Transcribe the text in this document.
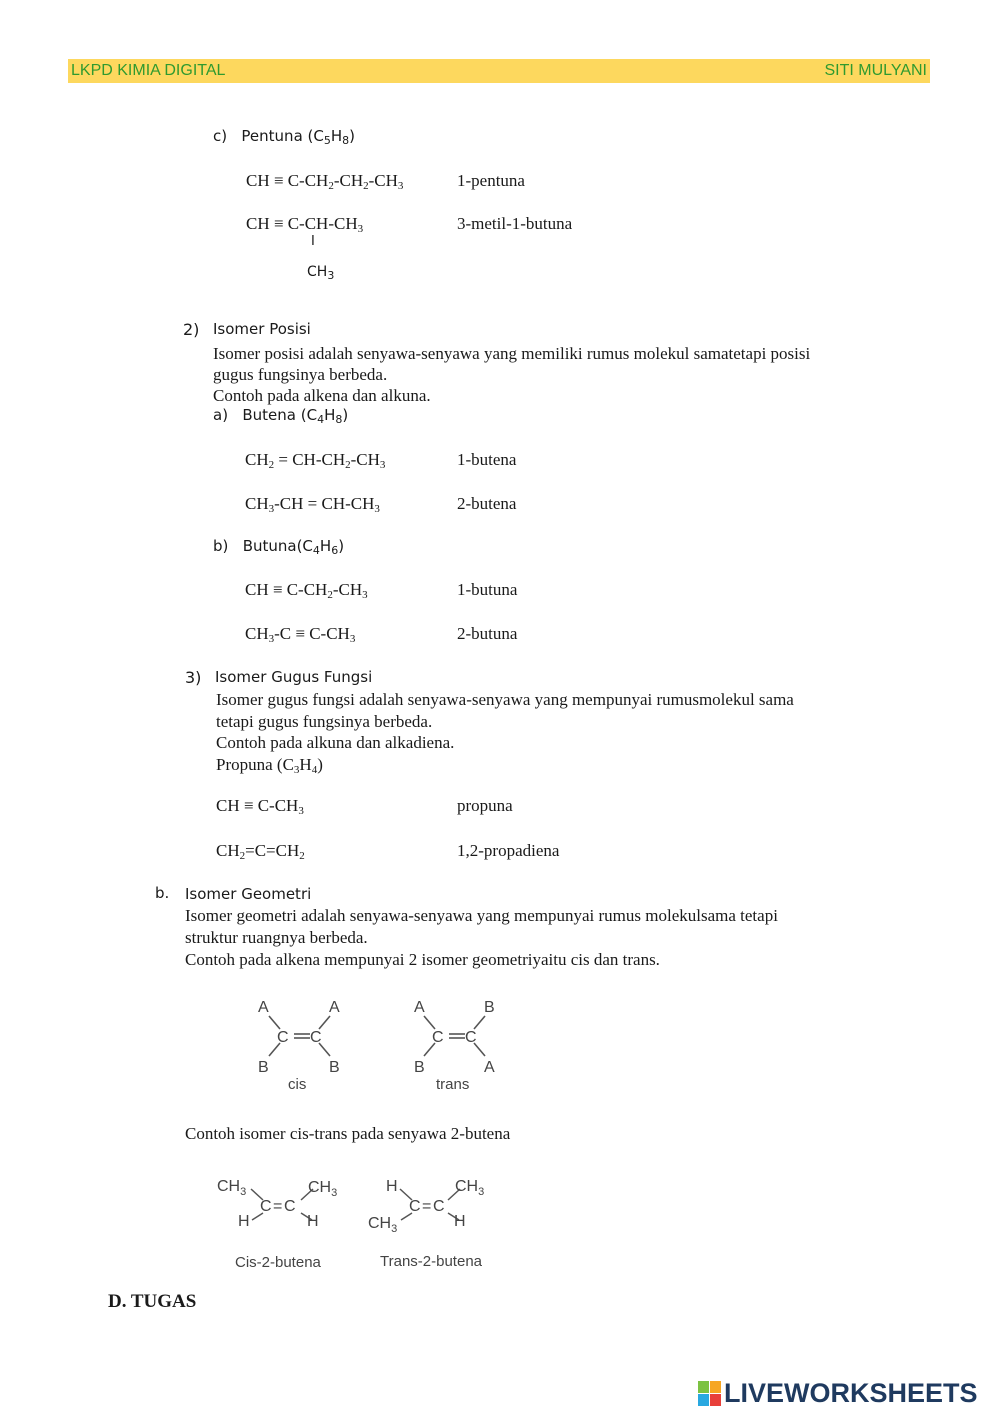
LKPD KIMIA DIGITAL	SITI MULYANI
c) Pentuna $(C_5H_8)$
CH ≡ $C-CH_2-CH_2-CH_3$	1-pentuna
CH ≡ $C-CH-CH_3$	3-metil-1-butuna
I
$CH_3$
2) Isomer Posisi
Isomer posisi adalah senyawa-senyawa yang memiliki rumus molekul samatetapi posisi
gugus fungsinya berbeda.
Contoh pada alkena dan alkuna.
a) Butena $(C_4H_8)$
$CH_2 = CH-CH_2-CH_3$	1-butena
$CH_3-CH = CH-CH_3$	2-butena
b) $Butuna(C_4H_6)$
CH ≡ $C-CH_2-CH_3$	1-butuna
$CH_3-C \equiv C-CH_3$	2-butuna
3) Isomer Gugus Fungsi
Isomer gugus fungsi adalah senyawa-senyawa yang mempunyai rumusmolekul sama
tetapi gugus fungsinya berbeda.
Contoh pada alkuna dan alkadiena.
Propuna $(C_3H_4)$
CH ≡ $C-CH_3$	propuna
$CH_2=C=CH_2$	1,2-propadiena
b. Isomer Geometri
Isomer geometri adalah senyawa-senyawa yang mempunyai rumus molekulsama tetapi
struktur ruangnya berbeda.
Contoh pada alkena mempunyai 2 isomer geometriyaitu cis dan trans.
A	A
C C
B	B
cis
A	B
C C
B	A
trans
Contoh isomer cis-trans pada senyawa 2-butena
$CH_3$	$CH_3$
C = C
H	H
Cis-2-butena
H	$CH_3$
C = C
$CH_3$	H
Trans-2-butena
D. TUGAS
LIVEWORKSHEETS
